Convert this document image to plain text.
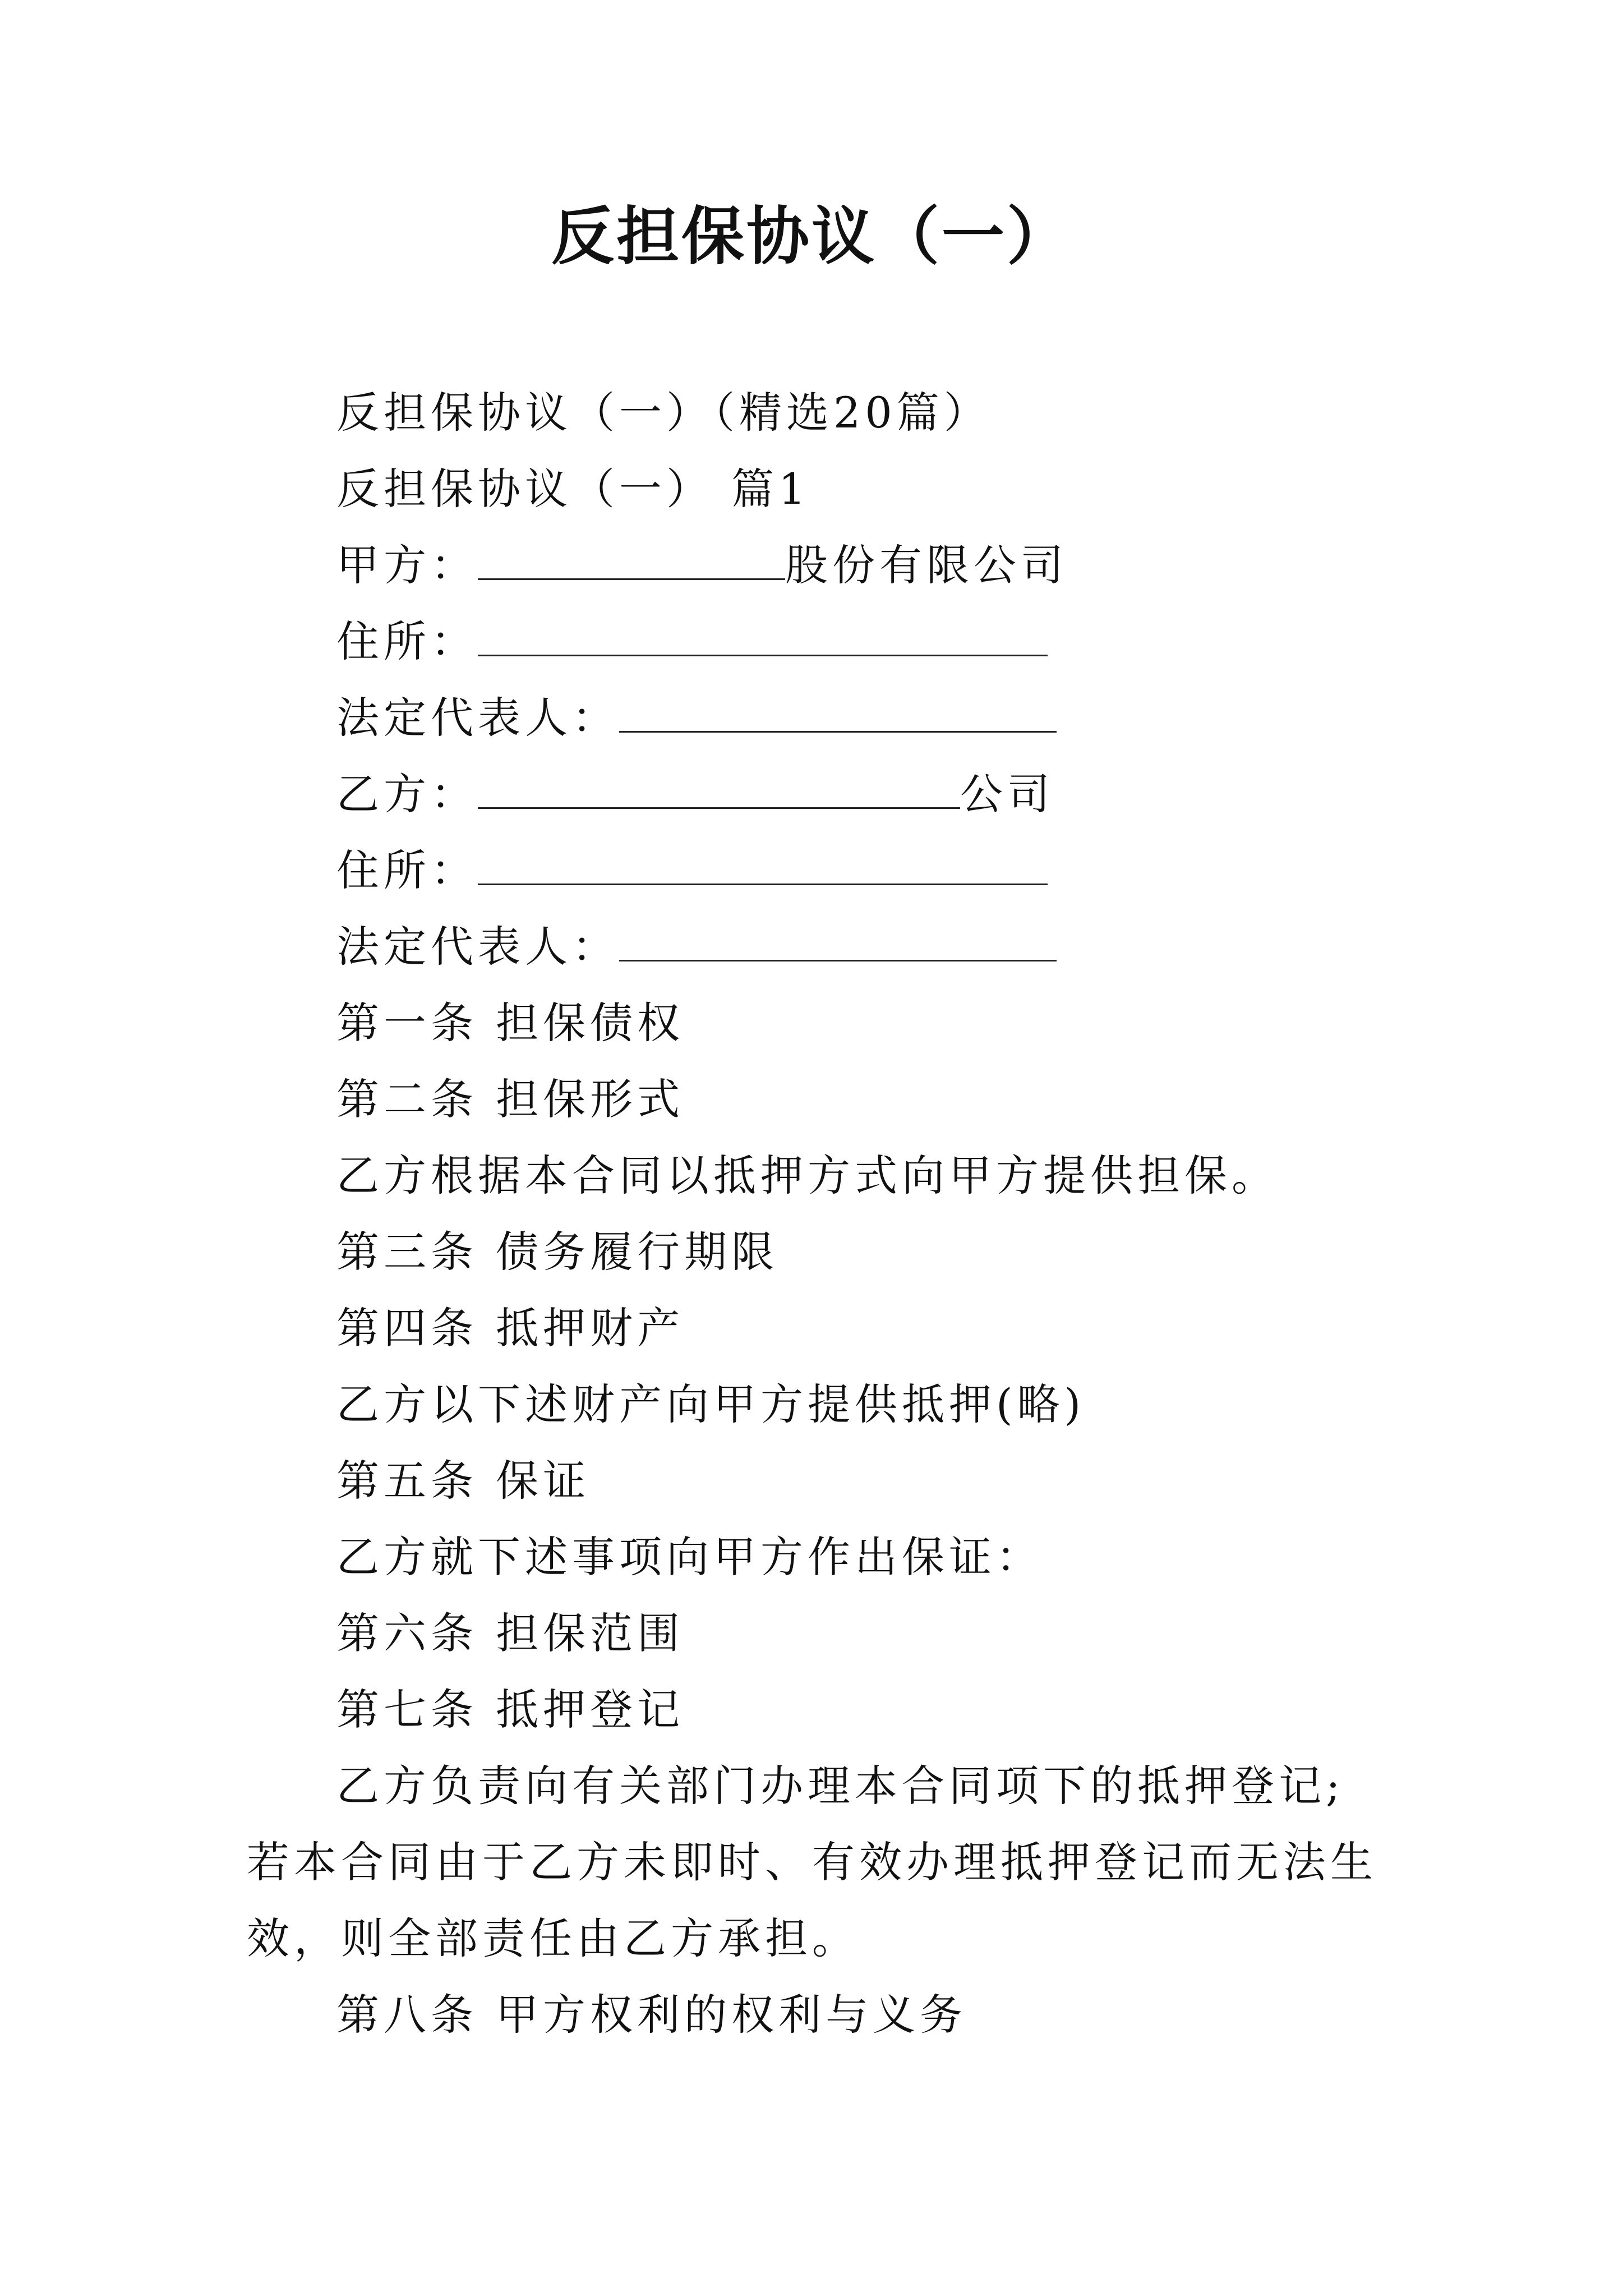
反担保协议（一）
反担保协议（一）（精选20篇）
反担保协议（一） 篇1
甲方：	股份有限公司
住所：
法定代表人：
乙方：	公司
住所：
法定代表人：
第一条 担保债权
第二条 担保形式
乙方根据本合同以抵押方式向甲方提供担保。
第三条 债务履行期限
第四条 抵押财产
乙方以下述财产向甲方提供抵押(略)
第五条 保证
乙方就下述事项向甲方作出保证：
第六条 担保范围
第七条 抵押登记
乙方负责向有关部门办理本合同项下的抵押登记;若本合同由于乙方未即时、有效办理抵押登记而无法生效，则全部责任由乙方承担。
第八条 甲方权利的权利与义务
